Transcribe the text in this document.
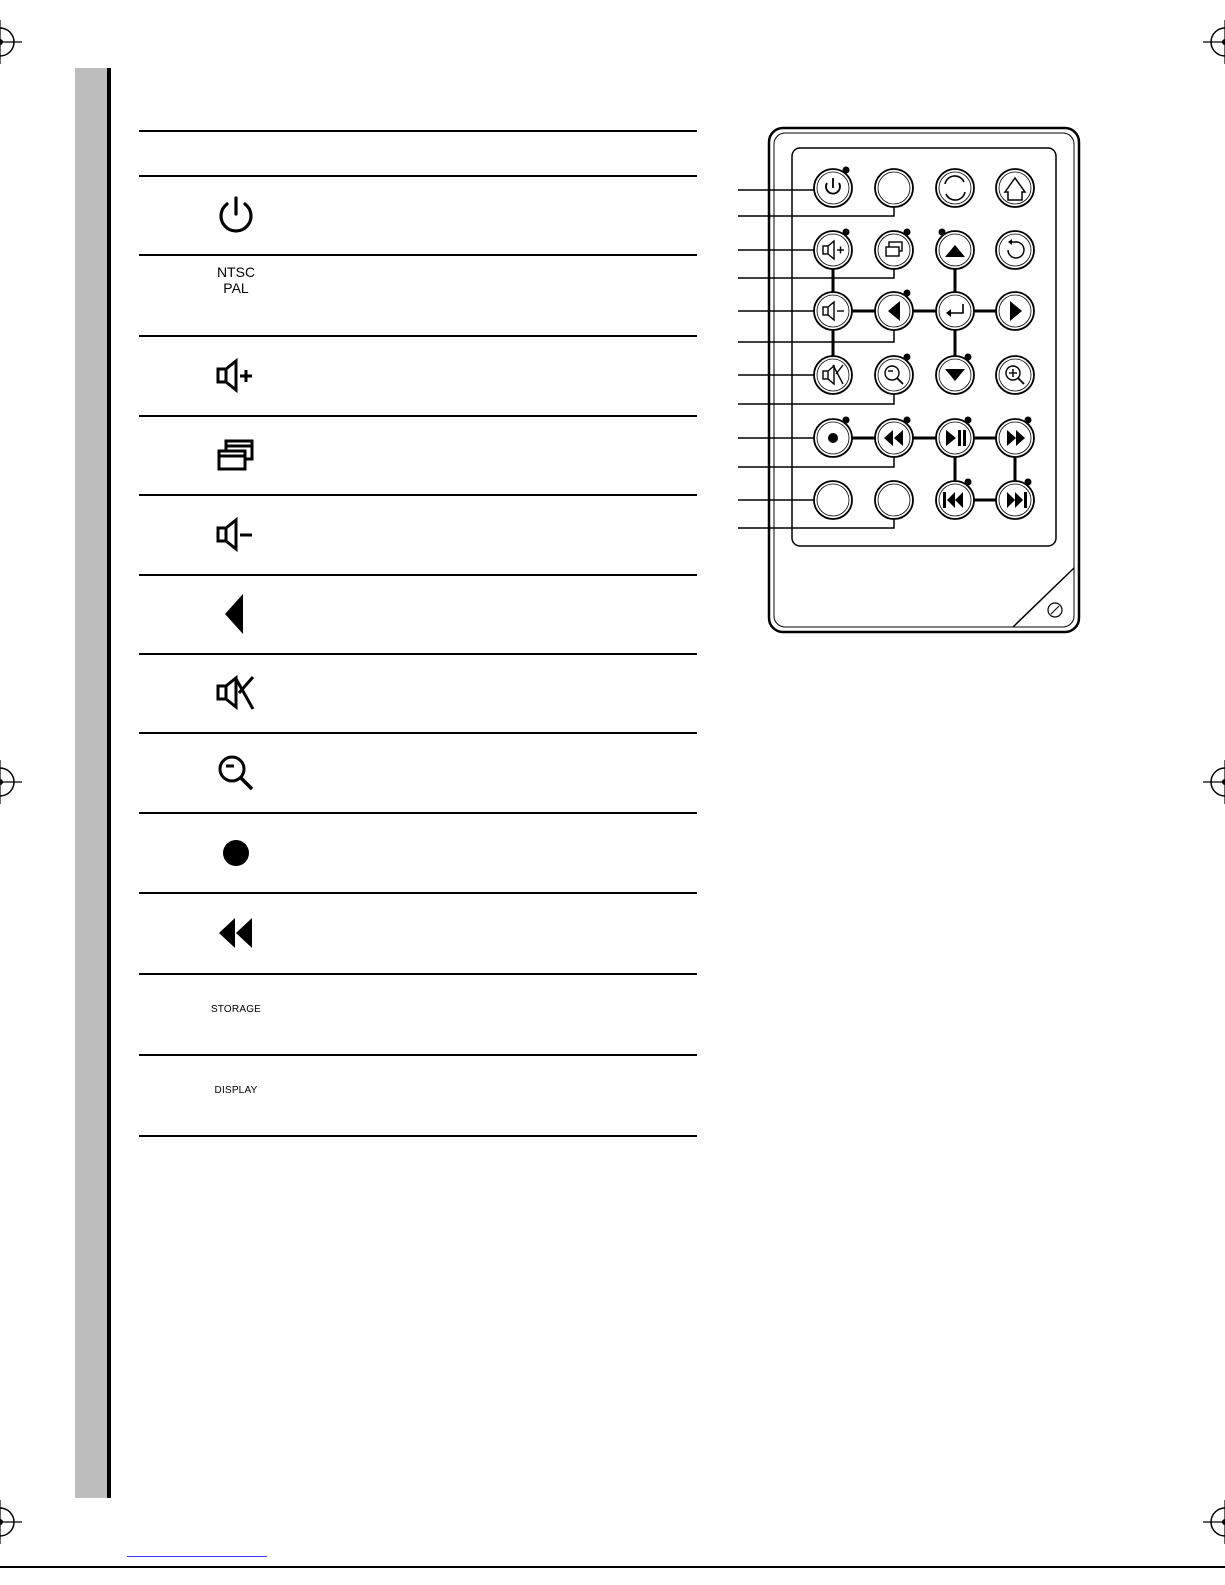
NTSC
PAL
STORAGE
DISPLAY
